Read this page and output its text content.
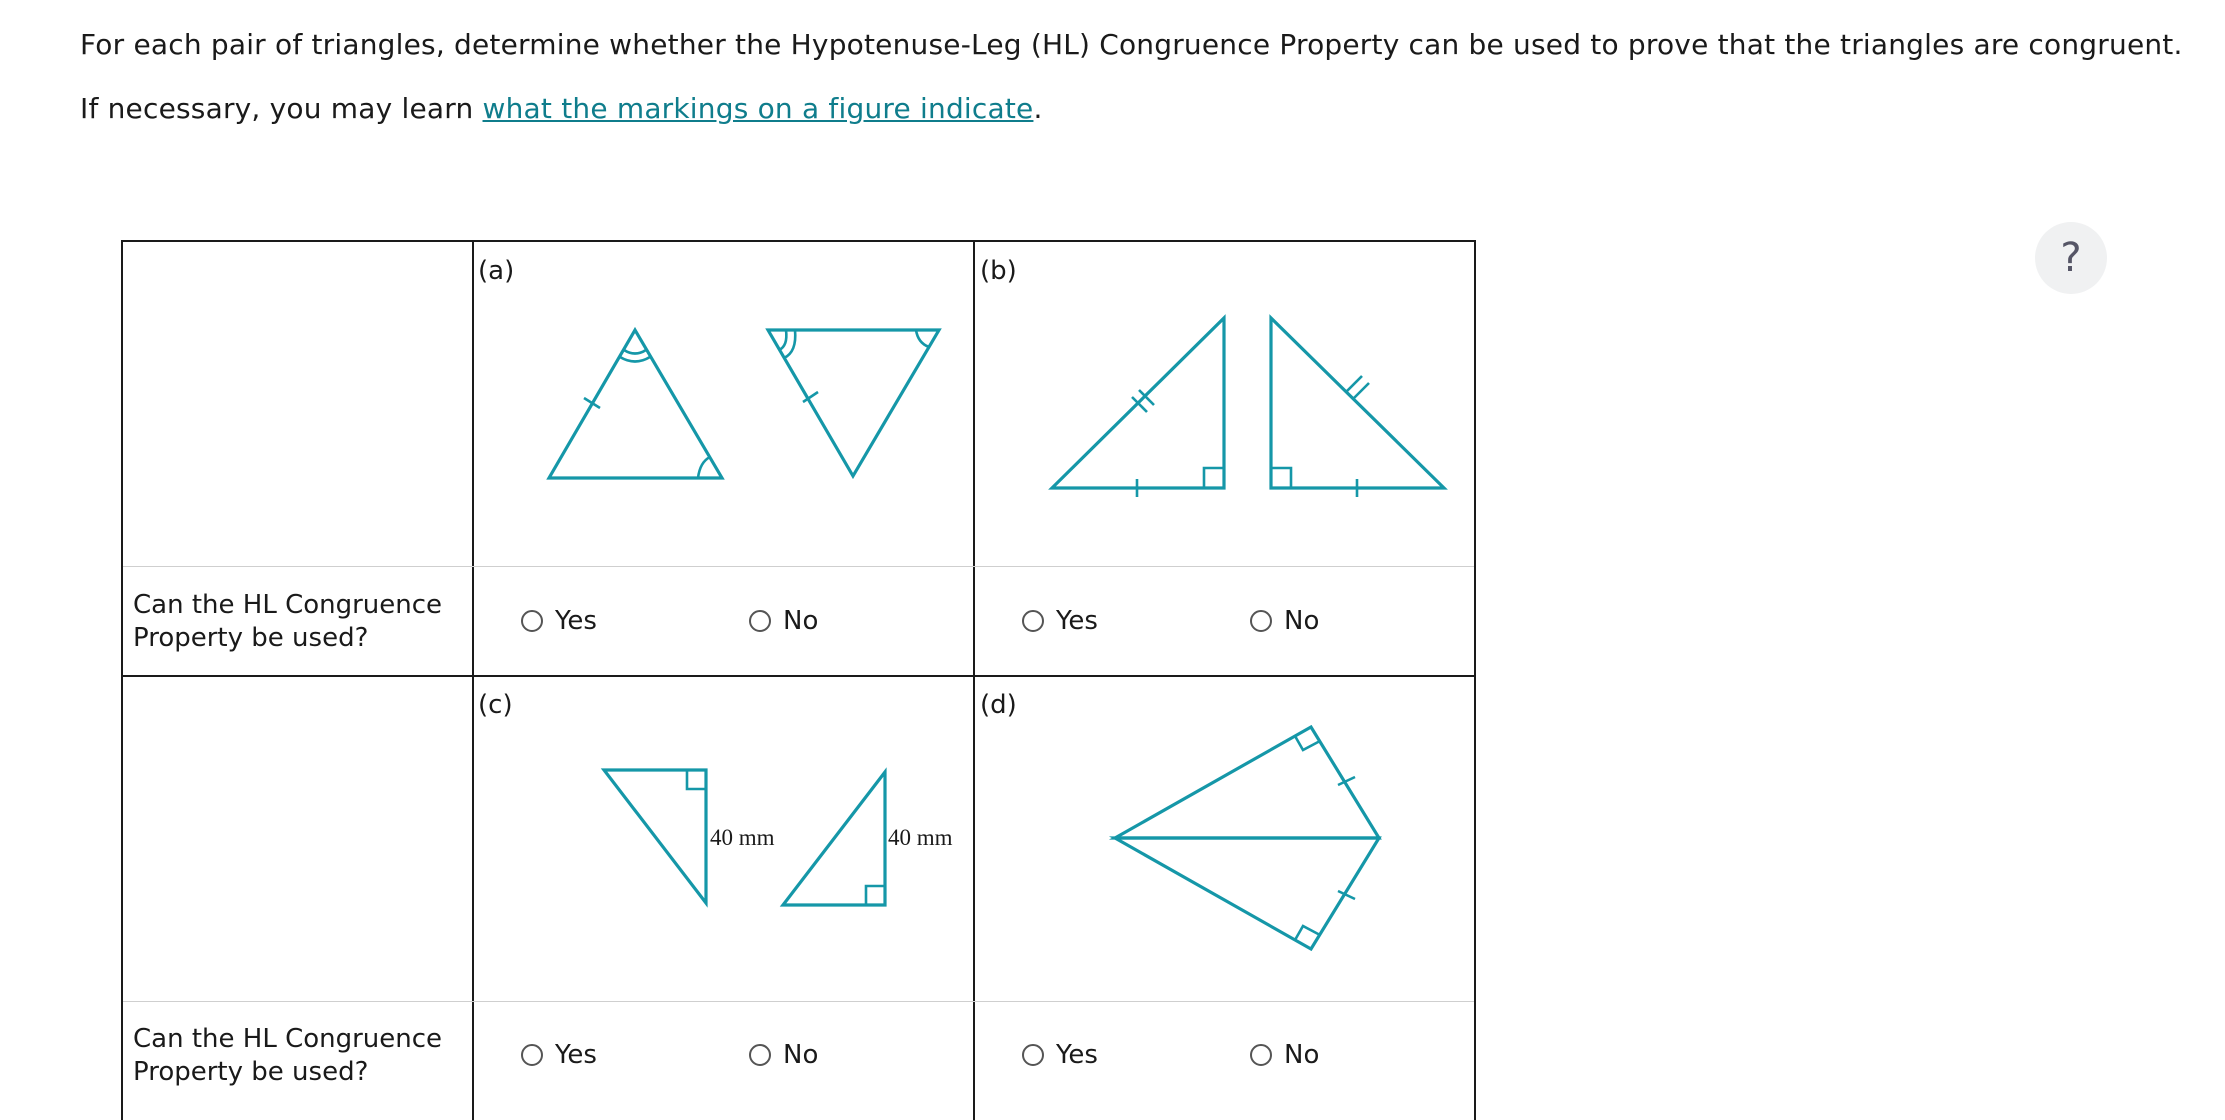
For each pair of triangles, determine whether the Hypotenuse-Leg (HL) Congruence Property can be used to prove that the triangles are congruent.
If necessary, you may learn what the markings on a figure indicate.
?
(a)	(b)
Can the HL Congruence Property be used?
Yes	No	Yes	No
(c)	(d)
Can the HL Congruence Property be used?
Yes	No	Yes	No
40 mm	40 mm
